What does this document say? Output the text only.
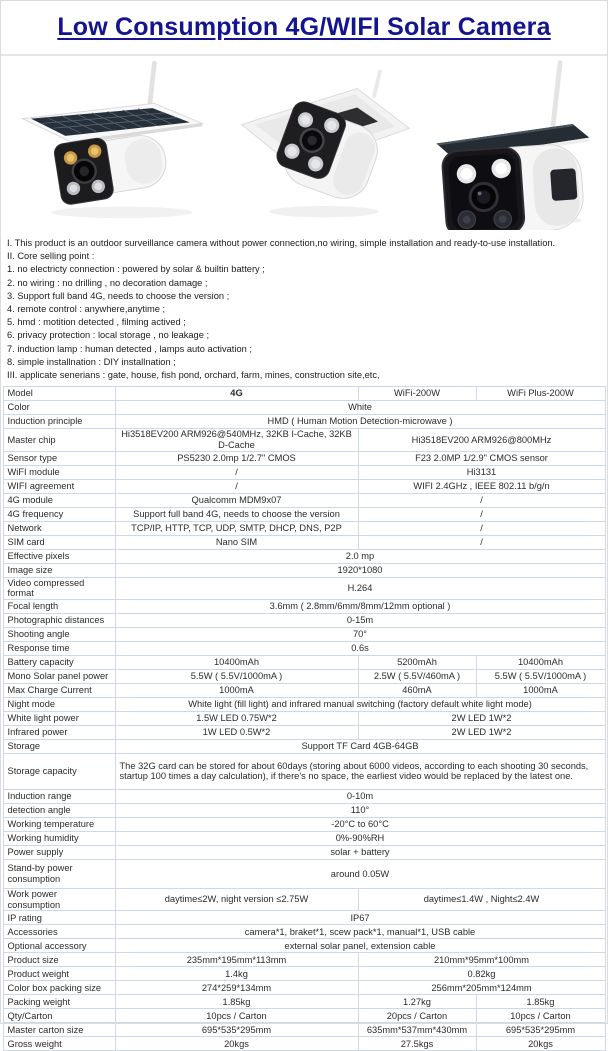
Low Consumption 4G/WIFI Solar Camera
I. This product is an outdoor surveillance camera without power connection,no wiring, simple installation and ready-to-use installation.
II. Core selling point :
1. no electricty connection : powered by solar & builtin battery ;
2. no wiring : no drilling , no decoration damage ;
3. Support full band 4G, needs to choose the version ;
4. remote control : anywhere,anytime ;
5. hmd : motition detected , filming actived ;
6. privacy protection : local storage , no leakage ;
7. induction lamp : human detected , lamps auto activation ;
8. simple installnation : DIY installnation ;
III. applicate senerians : gate, house, fish pond, orchard, farm, mines, construction site,etc,
Model	4G	WiFi-200W	WiFi Plus-200W
Color	White		
Induction principle	HMD ( Human Motion Detection-microwave )		
Master chip	Hi3518EV200 ARM926@540MHz, 32KB I-Cache, 32KB D-Cache	Hi3518EV200 ARM926@800MHz	
Sensor type	PS5230 2.0mp 1/2.7" CMOS	F23 2.0MP 1/2.9" CMOS sensor	
WiFI module	/	Hi3131	
WIFI agreement	/	WIFI 2.4GHz , IEEE 802.11 b/g/n	
4G module	Qualcomm MDM9x07	/	
4G frequency	Support full band 4G, needs to choose the version	/	
Network	TCP/IP, HTTP, TCP, UDP, SMTP, DHCP, DNS, P2P	/	
SIM card	Nano SIM	/	
Effective pixels	2.0 mp		
Image size	1920*1080		
Video compressed format	H.264		
Focal length	3.6mm ( 2.8mm/6mm/8mm/12mm optional )		
Photographic distances	0-15m		
Shooting angle	70°		
Response time	0.6s		
Battery capacity	10400mAh	5200mAh	10400mAh
Mono Solar panel power	5.5W ( 5.5V/1000mA )	2.5W ( 5.5V/460mA )	5.5W ( 5.5V/1000mA )
Max Charge Current	1000mA	460mA	1000mA
Night mode	White light (fill light) and infrared manual switching (factory default white light mode)		
White light power	1.5W LED 0.75W*2	2W LED 1W*2	
Infrared power	1W LED 0.5W*2	2W LED 1W*2	
Storage	Support TF Card 4GB-64GB		
Storage capacity	The 32G card can be stored for about 60days (storing about 6000 videos, according to each shooting 30 seconds, startup 100 times a day calculation), if there's no space, the earliest video would be replaced by the latest one.		
Induction range	0-10m		
detection angle	110°		
Working temperature	-20°C to 60°C		
Working humidity	0%-90%RH		
Power supply	solar + battery		
Stand-by power consumption	around 0.05W		
Work power consumption	daytime≤2W, night version ≤2.75W	daytime≤1.4W , Night≤2.4W	
IP rating	IP67		
Accessories	camera*1, braket*1, scew pack*1, manual*1, USB cable		
Optional accessory	external solar panel, extension cable		
Product size	235mm*195mm*113mm	210mm*95mm*100mm	
Product weight	1.4kg	0.82kg	
Color box packing size	274*259*134mm	256mm*205mm*124mm	
Packing weight	1.85kg	1.27kg	1.85kg
Qty/Carton	10pcs / Carton	20pcs / Carton	10pcs / Carton
Master carton size	695*535*295mm	635mm*537mm*430mm	695*535*295mm
Gross weight	20kgs	27.5kgs	20kgs
